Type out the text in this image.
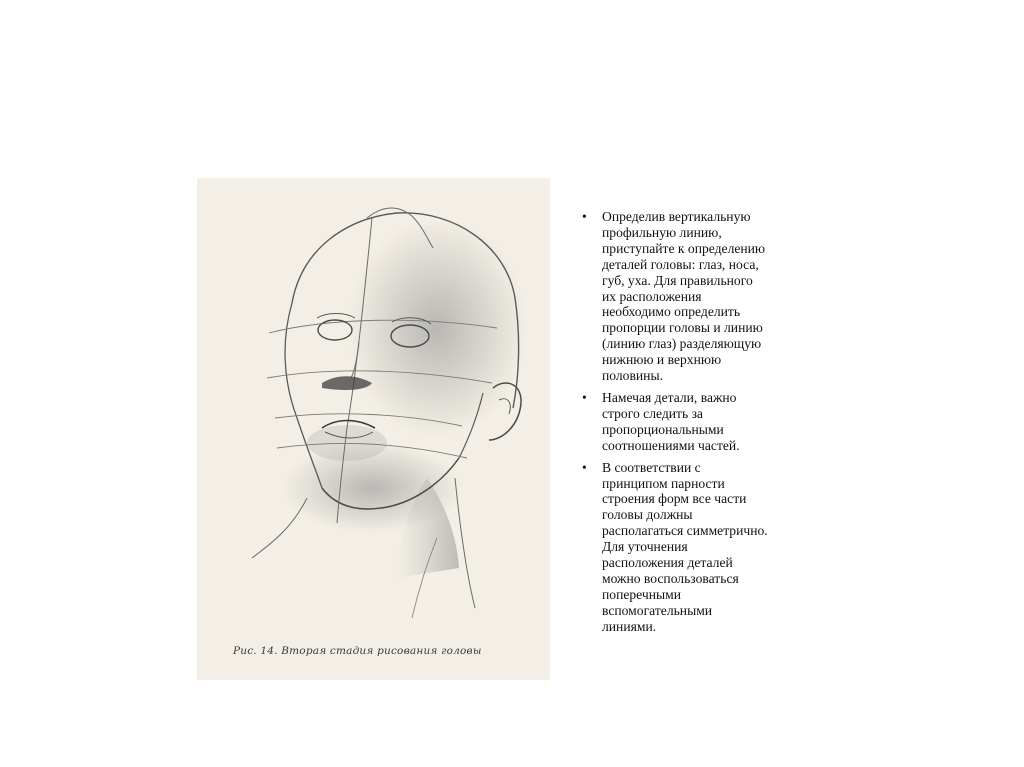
Рис. 14. Вторая стадия рисования головы
•	Определив вертикальную
профильную линию,
приступайте к определению
деталей головы: глаз, носа,
губ, уха. Для правильного
их расположения
необходимо определить
пропорции головы и линию
(линию глаз) разделяющую
нижнюю и верхнюю
половины.
•	Намечая детали, важно
строго следить за
пропорциональными
соотношениями частей.
•	В соответствии с
принципом парности
строения форм все части
головы должны
располагаться симметрично.
Для уточнения
расположения деталей
можно воспользоваться
поперечными
вспомогательными
линиями.
